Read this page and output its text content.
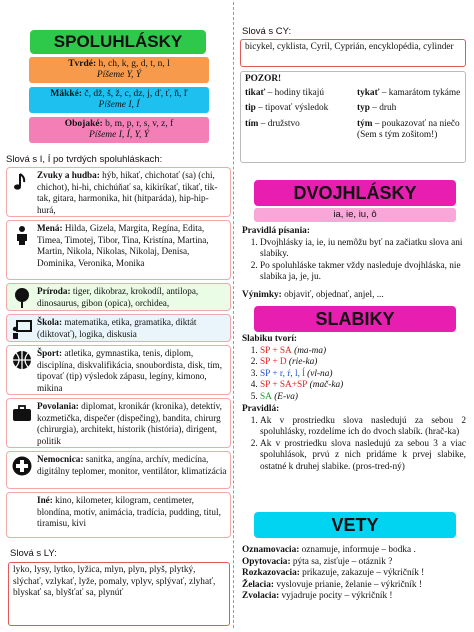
SPOLUHLÁSKY
Tvrdé: h, ch, k, g, d, t, n, l
Píšeme Y, Ý
Mäkké: č, dž, š, ž, c, dz, j, ď, ť, ň, ľ
Píšeme I, Í
Obojaké: b, m, p, r, s, v, z, f
Píšeme I, Í, Y, Ý
Slová s I, Í po tvrdých spoluhláskach:
Zvuky a hudba: hýb, hikať, chichotať (sa) (chi, chichot), hi-hi, chichúňať sa, kikiríkať, tikať, tik-tak, gitara, harmonika, hit (hitparáda), hip-hip-hurá,
Mená: Hilda, Gizela, Margita, Regína, Edita, Timea, Timotej, Tibor, Tina, Kristína, Martina, Martin, Nikola, Nikolas, Nikolaj, Denisa, Dominika, Veronika, Monika
Príroda: tiger, dikobraz, krokodíl, antilopa, dinosaurus, gibon (opica), orchidea,
Škola: matematika, etika, gramatika, diktát (diktovať), logika, diskusia
Šport: atletika, gymnastika, tenis, diplom, disciplína, diskvalifikácia, snoubordista, disk, tím, tipovať (tip) výsledok zápasu, legíny, kimono, mikina
Povolania: diplomat, kronikár (kronika), detektív, kozmetička, dispečer (dispečing), bandita, chirurg (chirurgia), architekt, historik (história), dirigent, politik
Nemocnica: sanitka, angína, archív, medicína, digitálny teplomer, monitor, ventilátor, klimatizácia
Iné: kino, kilometer, kilogram, centimeter, blondína, motív, animácia, tradícia, pudding, titul, tiramisu, kivi
Slová s LY:
lyko, lysy, lytko, lyžica, mlyn, plyn, plyš, plytký, slýchať, vzlykať, lyže, pomaly, vplyv, splývať, zlyhať, blyskať sa, blyšťať sa, plynúť
Slová s CY:
bicykel, cyklista, Cyril, Cyprián, encyklopédia, cylinder
POZOR!
tikať – hodiny tikajú	tykať – kamarátom tykáme
tip – tipovať výsledok	typ – druh
tím – družstvo	tým – poukazovať na niečo (Sem s tým zošitom!)
DVOJHLÁSKY
ia, ie, iu, ô
Pravidlá písania:
1. Dvojhlásky ia, ie, iu nemôžu byť na začiatku slova ani slabiky.
2. Po spoluhláske takmer vždy nasleduje dvojhláska, nie slabika ja, je, ju.
Výnimky: objaviť, objednať, anjel, ...
SLABIKY
Slabiku tvorí:
1. SP + SA (ma-ma)
2. SP + D (rie-ka)
3. SP + r, ŕ, l, ĺ (vl-na)
4. SP + SA+SP (mač-ka)
5. SA (E-va)
Pravidlá:
1. Ak v prostriedku slova nasledujú za sebou 2 spoluhlásky, rozdelíme ich do dvoch slabík. (hrač-ka)
2. Ak v prostriedku slova nasledujú za sebou 3 a viac spoluhlások, prvú z nich pridáme k prvej slabike, ostatné k druhej slabike. (pros-tred-ný)
VETY
Oznamovacia: oznamuje, informuje – bodka .
Opytovacia: pýta sa, zisťuje – otáznik ?
Rozkazovacia: prikazuje, zakazuje – výkričník !
Želacia: vyslovuje prianie, želanie – výkričník !
Zvolacia: vyjadruje pocity – výkričník !
